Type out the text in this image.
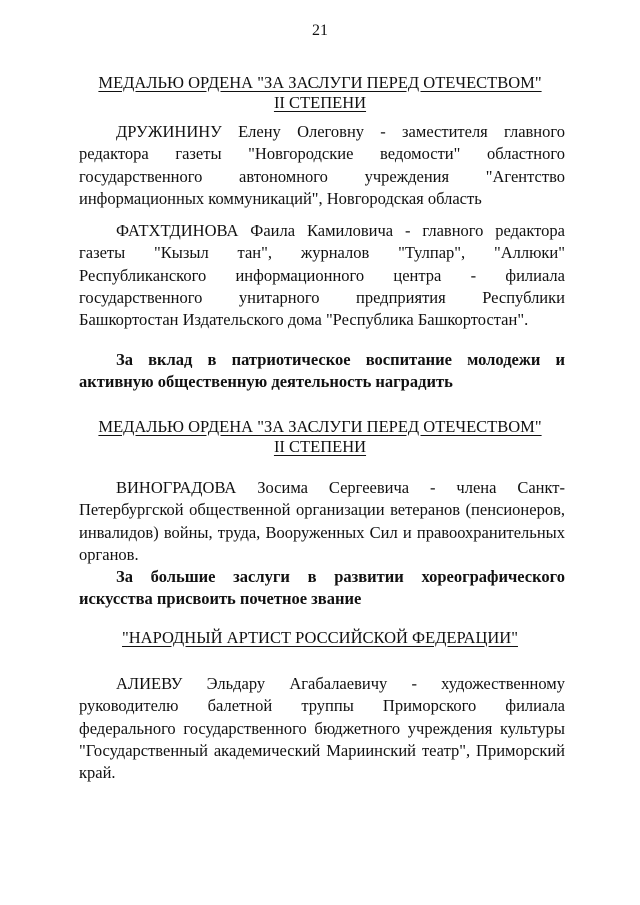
21
МЕДАЛЬЮ ОРДЕНА "ЗА ЗАСЛУГИ ПЕРЕД ОТЕЧЕСТВОМ"
II СТЕПЕНИ

ДРУЖИНИНУ Елену Олеговну - заместителя главного редактора газеты "Новгородские ведомости" областного государственного автономного учреждения "Агентство информационных коммуникаций", Новгородская область

ФАТХТДИНОВА Фаила Камиловича - главного редактора газеты "Кызыл тан", журналов "Тулпар", "Аллюки" Республиканского информационного центра - филиала государственного унитарного предприятия Республики Башкортостан Издательского дома "Республика Башкортостан".

За вклад в патриотическое воспитание молодежи и активную общественную деятельность наградить

МЕДАЛЬЮ ОРДЕНА "ЗА ЗАСЛУГИ ПЕРЕД ОТЕЧЕСТВОМ"
II СТЕПЕНИ

ВИНОГРАДОВА Зосима Сергеевича - члена Санкт-Петербургской общественной организации ветеранов (пенсионеров, инвалидов) войны, труда, Вооруженных Сил и правоохранительных органов.

За большие заслуги в развитии хореографического искусства присвоить почетное звание

"НАРОДНЫЙ АРТИСТ РОССИЙСКОЙ ФЕДЕРАЦИИ"

АЛИЕВУ Эльдару Агабалаевичу - художественному руководителю балетной труппы Приморского филиала федерального государственного бюджетного учреждения культуры "Государственный академический Мариинский театр", Приморский край.
